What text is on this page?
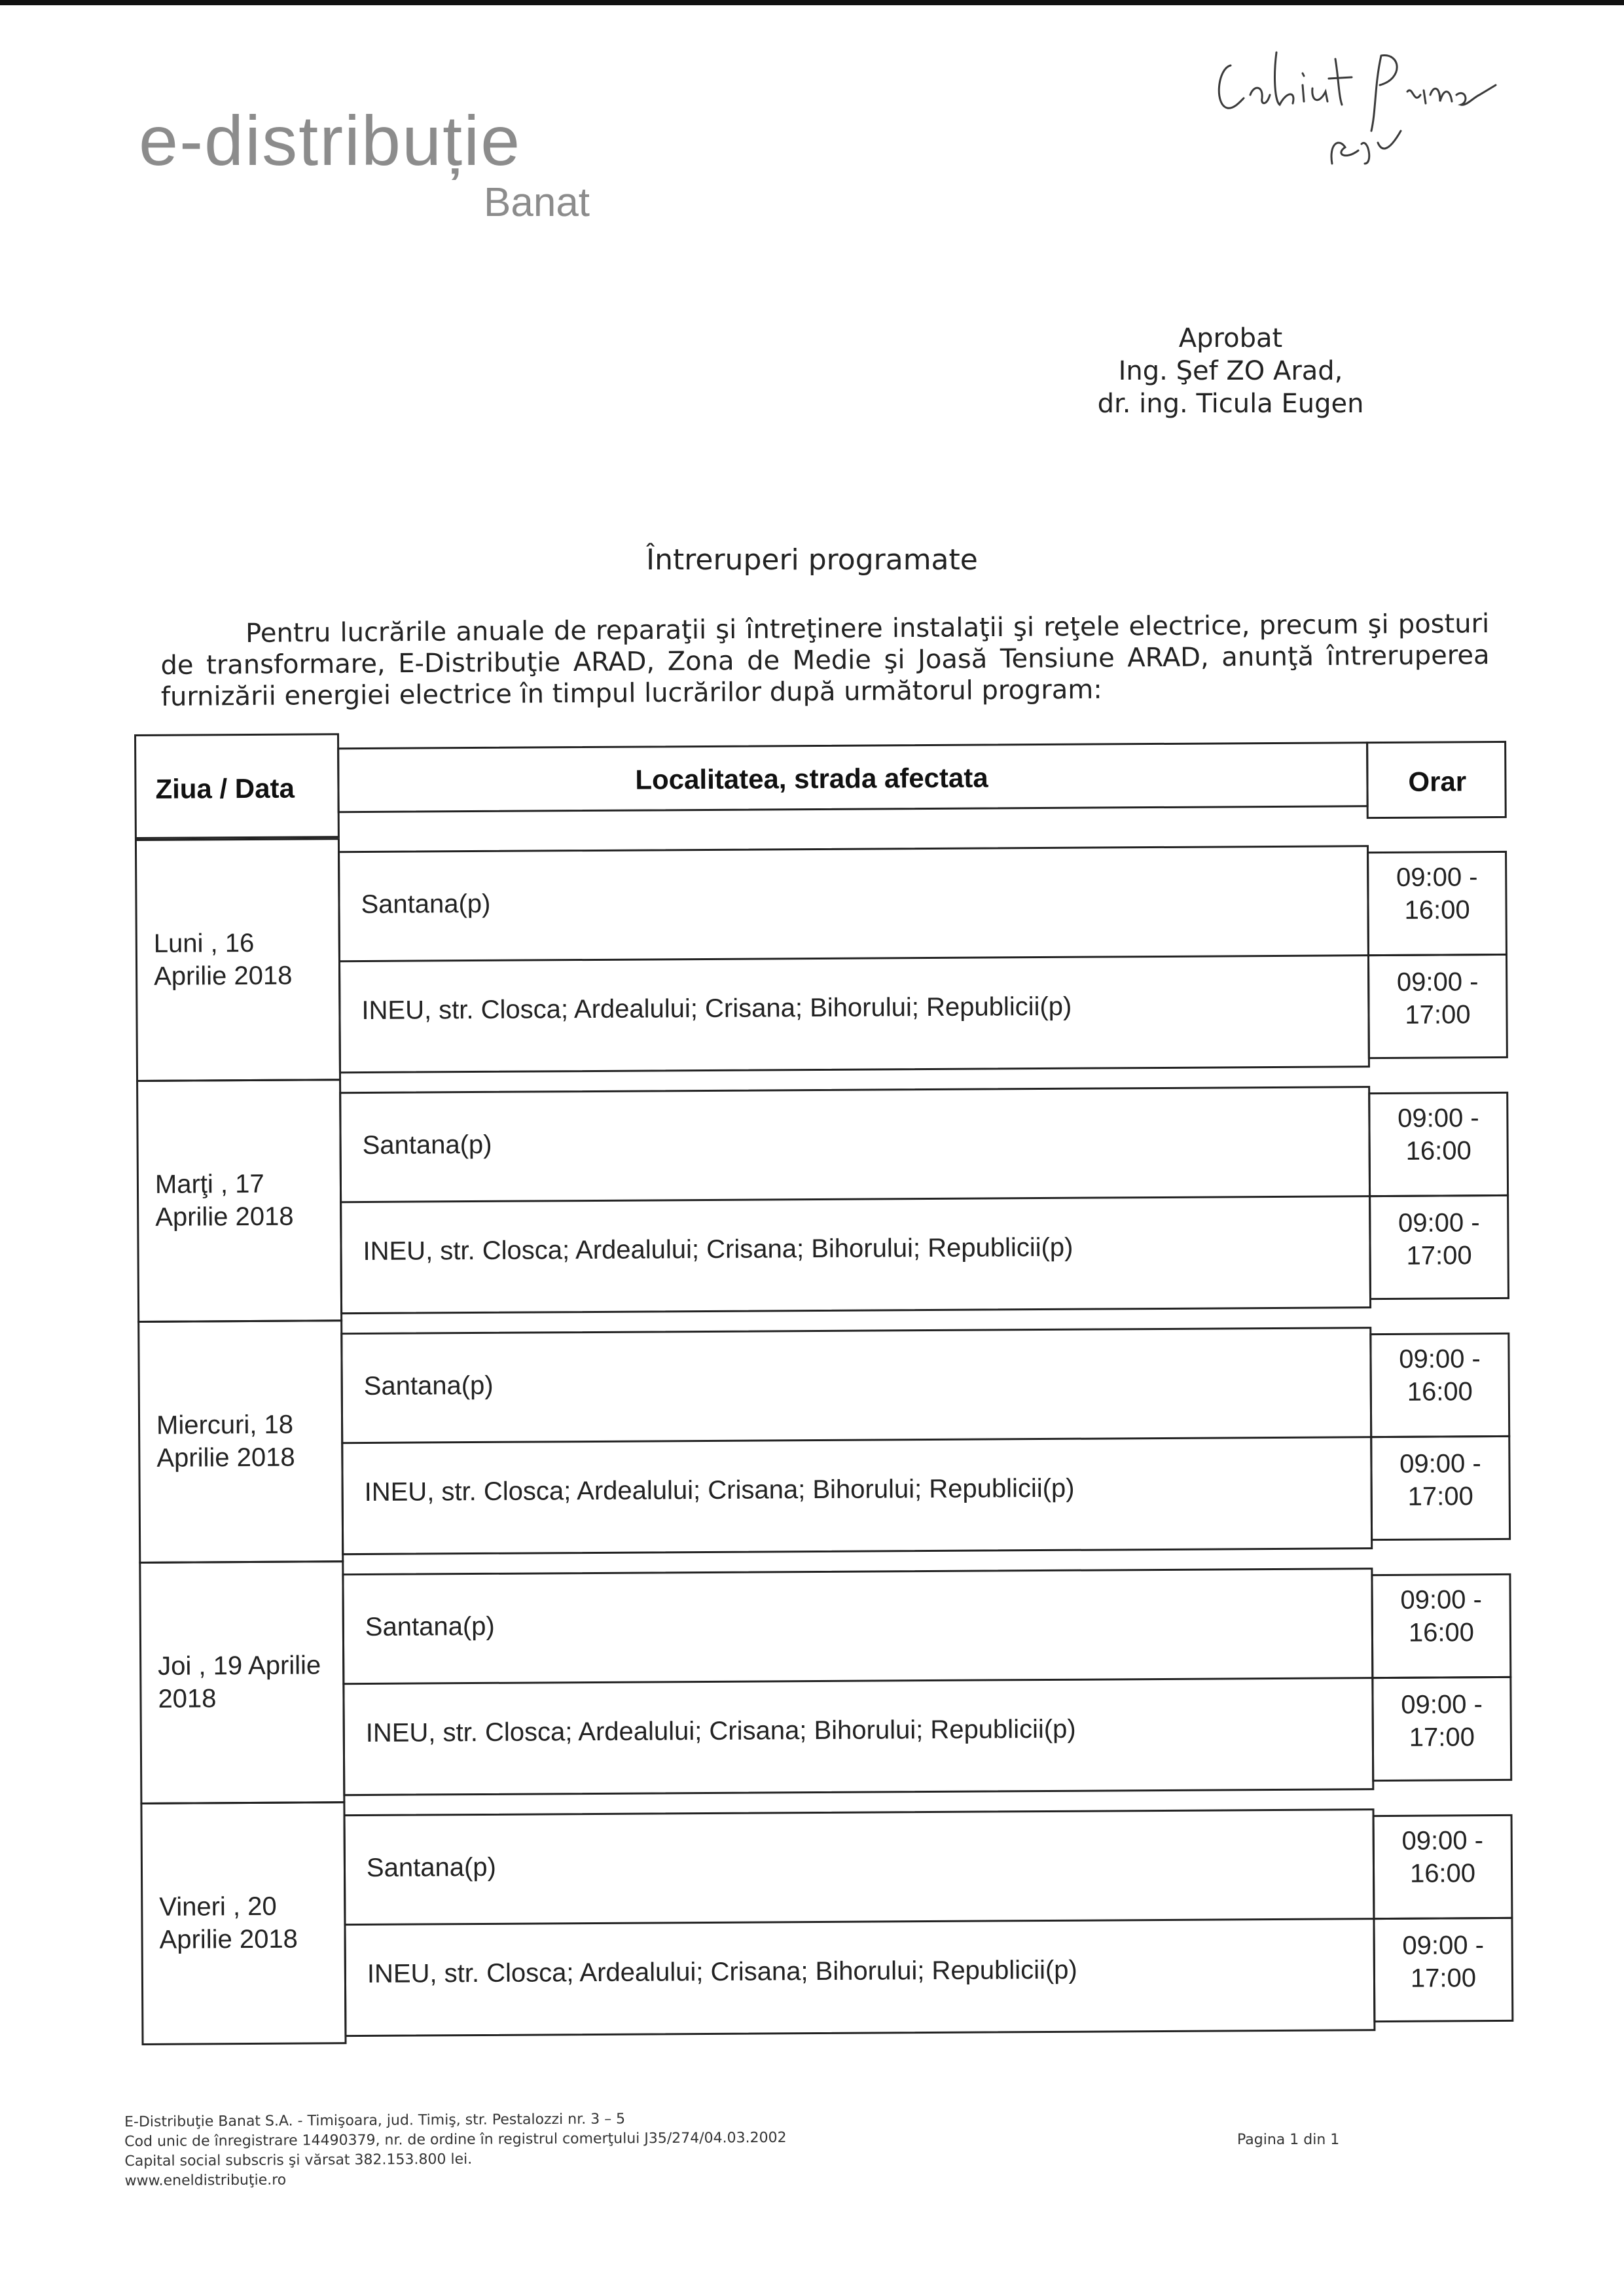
e-distribuție
Banat
Aprobat
Ing. Şef ZO Arad,
dr. ing. Ticula Eugen
Întreruperi programate
Pentru lucrările anuale de reparaţii şi întreţinere instalaţii şi reţele electrice, precum şi posturi de transformare, E-Distribuţie ARAD, Zona de Medie şi Joasă Tensiune ARAD, anunţă întreruperea furnizării energiei electrice în timpul lucrărilor după următorul program:
Ziua / Data	Localitatea, strada afectata	Orar
Luni , 16
Aprilie 2018
Santana(p)
09:00 -
16:00
INEU, str. Closca; Ardealului; Crisana; Bihorului; Republicii(p)
09:00 -
17:00
Marţi , 17
Aprilie 2018
Santana(p)
09:00 -
16:00
INEU, str. Closca; Ardealului; Crisana; Bihorului; Republicii(p)
09:00 -
17:00
Miercuri, 18
Aprilie 2018
Santana(p)
09:00 -
16:00
INEU, str. Closca; Ardealului; Crisana; Bihorului; Republicii(p)
09:00 -
17:00
Joi , 19 Aprilie
2018
Santana(p)
09:00 -
16:00
INEU, str. Closca; Ardealului; Crisana; Bihorului; Republicii(p)
09:00 -
17:00
Vineri , 20
Aprilie 2018
Santana(p)
09:00 -
16:00
INEU, str. Closca; Ardealului; Crisana; Bihorului; Republicii(p)
09:00 -
17:00
E-Distribuţie Banat S.A. - Timişoara, jud. Timiş, str. Pestalozzi nr. 3 – 5
Cod unic de înregistrare 14490379, nr. de ordine în registrul comerţului J35/274/04.03.2002
Capital social subscris şi vărsat 382.153.800 lei.
www.eneldistribuţie.ro
Pagina 1 din 1
